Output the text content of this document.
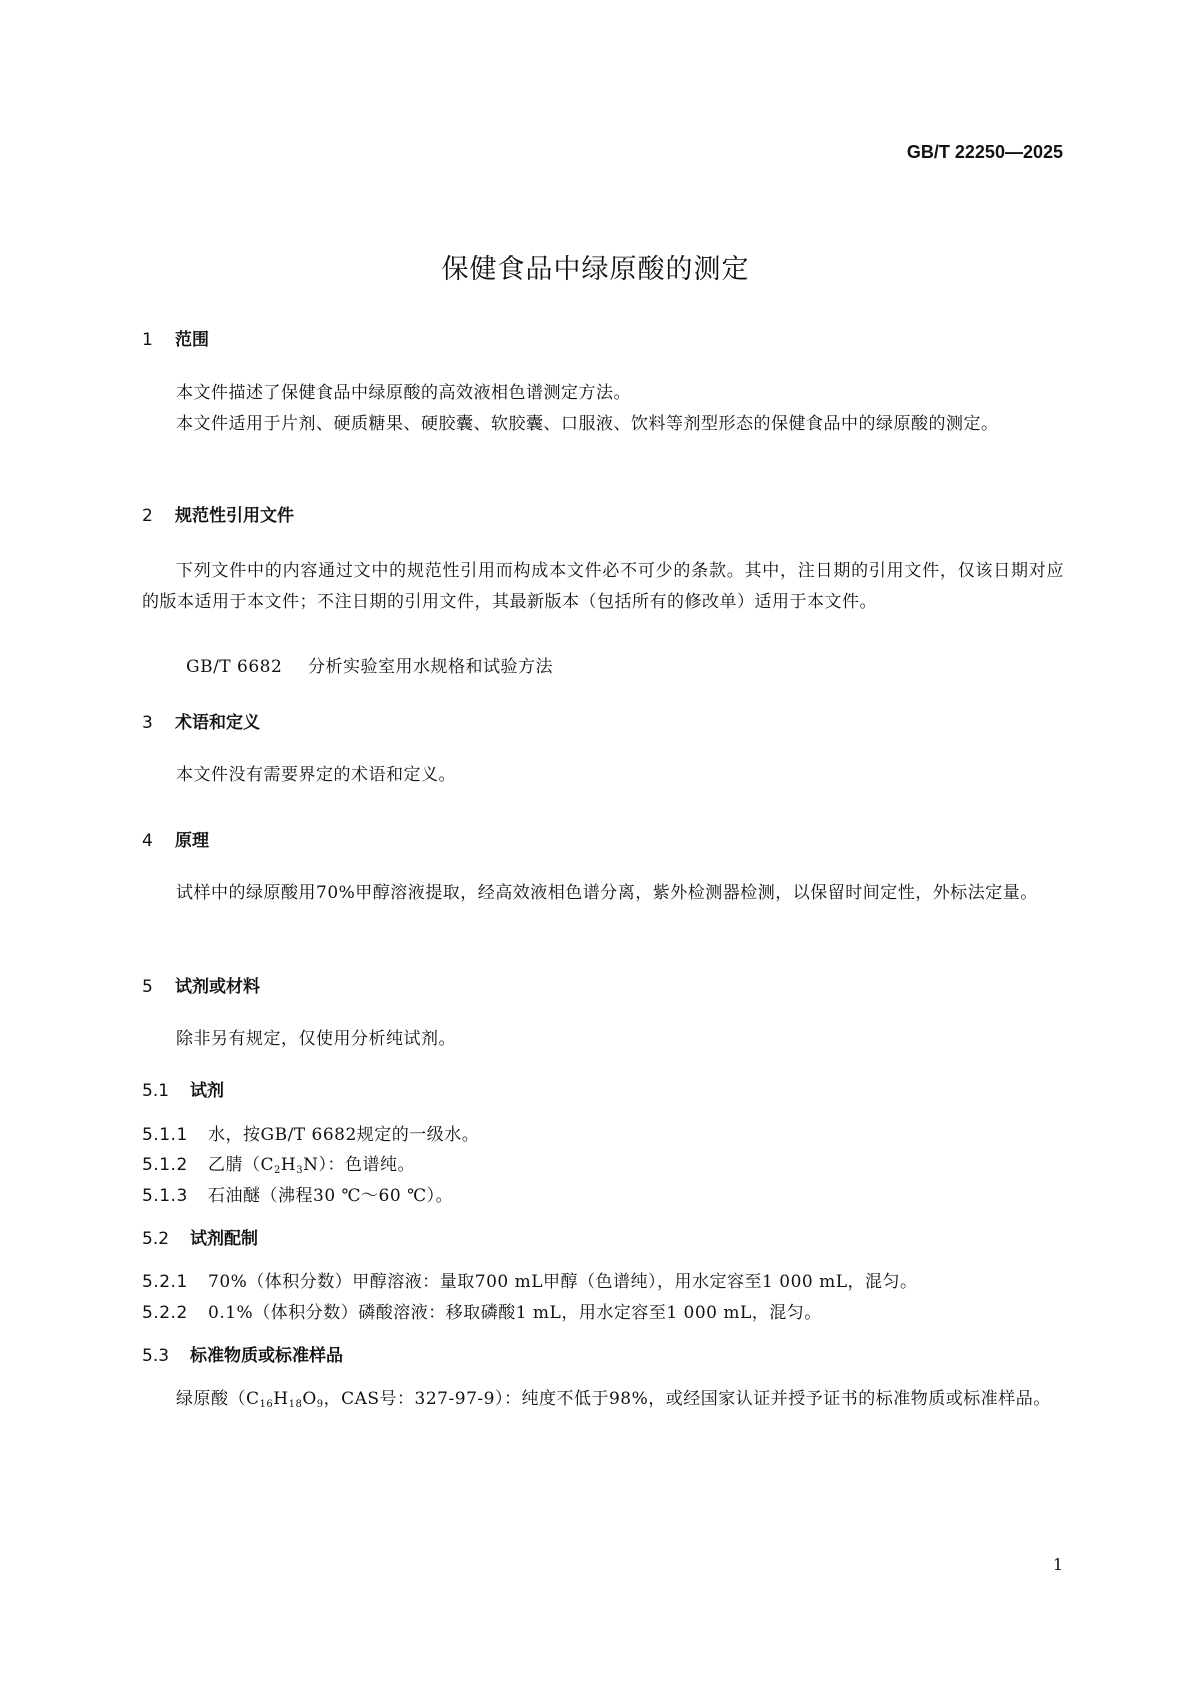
GB/T 22250—2025
保健食品中绿原酸的测定
1 范围
本文件描述了保健食品中绿原酸的高效液相色谱测定方法。
本文件适用于片剂、硬质糖果、硬胶囊、软胶囊、口服液、饮料等剂型形态的保健食品中的绿原酸的测定。
2 规范性引用文件
下列文件中的内容通过文中的规范性引用而构成本文件必不可少的条款。其中，注日期的引用文件，仅该日期对应的版本适用于本文件；不注日期的引用文件，其最新版本（包括所有的修改单）适用于本文件。
GB/T 6682 分析实验室用水规格和试验方法
3 术语和定义
本文件没有需要界定的术语和定义。
4 原理
试样中的绿原酸用70%甲醇溶液提取，经高效液相色谱分离，紫外检测器检测，以保留时间定性，外标法定量。
5 试剂或材料
除非另有规定，仅使用分析纯试剂。
5.1 试剂
5.1.1 水，按GB/T 6682规定的一级水。
5.1.2 乙腈$(C_2H_3N)$：色谱纯。
5.1.3 石油醚（沸程30 ℃～60 ℃）。
5.2 试剂配制
5.2.1 70%（体积分数）甲醇溶液：量取700 mL甲醇（色谱纯），用水定容至1 000 mL，混匀。
5.2.2 0.1%（体积分数）磷酸溶液：移取磷酸1 mL，用水定容至1 000 mL，混匀。
5.3 标准物质或标准样品
绿原酸（$C_{16}H_{18}O_9$，CAS号：327-97-9）：纯度不低于98%，或经国家认证并授予证书的标准物质或标准样品。
1
